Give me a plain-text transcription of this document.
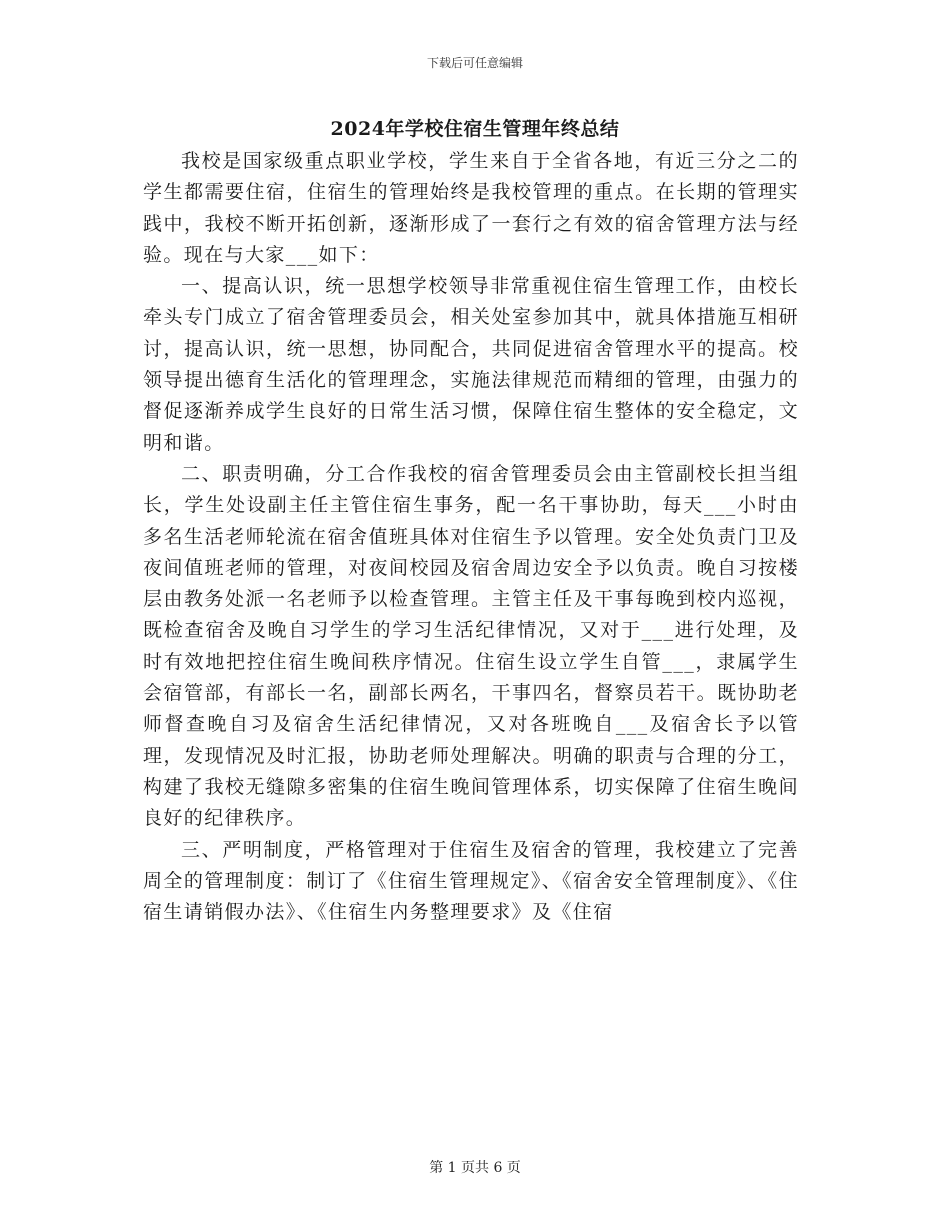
下载后可任意编辑
2024年学校住宿生管理年终总结

我校是国家级重点职业学校，学生来自于全省各地，有近三分之二的学生都需要住宿，住宿生的管理始终是我校管理的重点。在长期的管理实践中，我校不断开拓创新，逐渐形成了一套行之有效的宿舍管理方法与经验。现在与大家___如下：

一、提高认识，统一思想学校领导非常重视住宿生管理工作，由校长牵头专门成立了宿舍管理委员会，相关处室参加其中，就具体措施互相研讨，提高认识，统一思想，协同配合，共同促进宿舍管理水平的提高。校领导提出德育生活化的管理理念，实施法律规范而精细的管理，由强力的督促逐渐养成学生良好的日常生活习惯，保障住宿生整体的安全稳定，文明和谐。

二、职责明确，分工合作我校的宿舍管理委员会由主管副校长担当组长，学生处设副主任主管住宿生事务，配一名干事协助，每天___小时由多名生活老师轮流在宿舍值班具体对住宿生予以管理。安全处负责门卫及夜间值班老师的管理，对夜间校园及宿舍周边安全予以负责。晚自习按楼层由教务处派一名老师予以检查管理。主管主任及干事每晚到校内巡视，既检查宿舍及晚自习学生的学习生活纪律情况，又对于___进行处理，及时有效地把控住宿生晚间秩序情况。住宿生设立学生自管___，隶属学生会宿管部，有部长一名，副部长两名，干事四名，督察员若干。既协助老师督查晚自习及宿舍生活纪律情况，又对各班晚自___及宿舍长予以管理，发现情况及时汇报，协助老师处理解决。明确的职责与合理的分工，构建了我校无缝隙多密集的住宿生晚间管理体系，切实保障了住宿生晚间良好的纪律秩序。

三、严明制度，严格管理对于住宿生及宿舍的管理，我校建立了完善周全的管理制度：制订了《住宿生管理规定》、《宿舍安全管理制度》、《住宿生请销假办法》、《住宿生内务整理要求》及《住宿

第 1 页共 6 页
